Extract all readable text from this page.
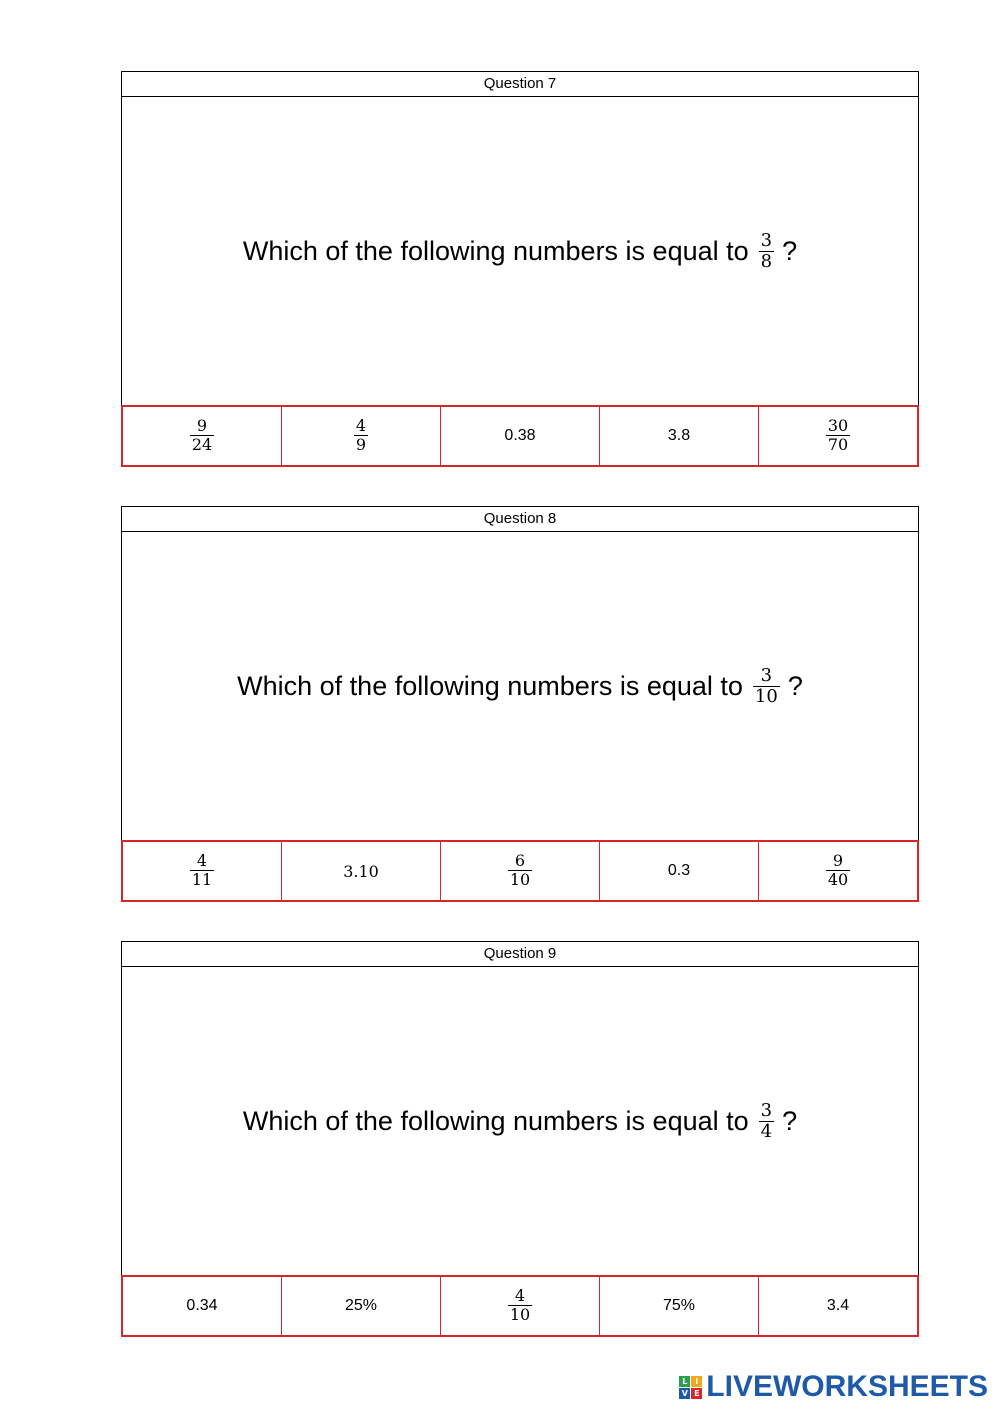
Question 7
Which of the following numbers is equal to $\frac{3}{8}$ ?
$\frac{9}{24}$	$\frac{4}{9}$	0.38	3.8	$\frac{30}{70}$
Question 8
Which of the following numbers is equal to $\frac{3}{10}$ ?
$\frac{4}{11}$	3.10	$\frac{6}{10}$	0.3	$\frac{9}{40}$
Question 9
Which of the following numbers is equal to $\frac{3}{4}$ ?
0.34	25%	$\frac{4}{10}$	75%	3.4
L I
V E LIVEWORKSHEETS
